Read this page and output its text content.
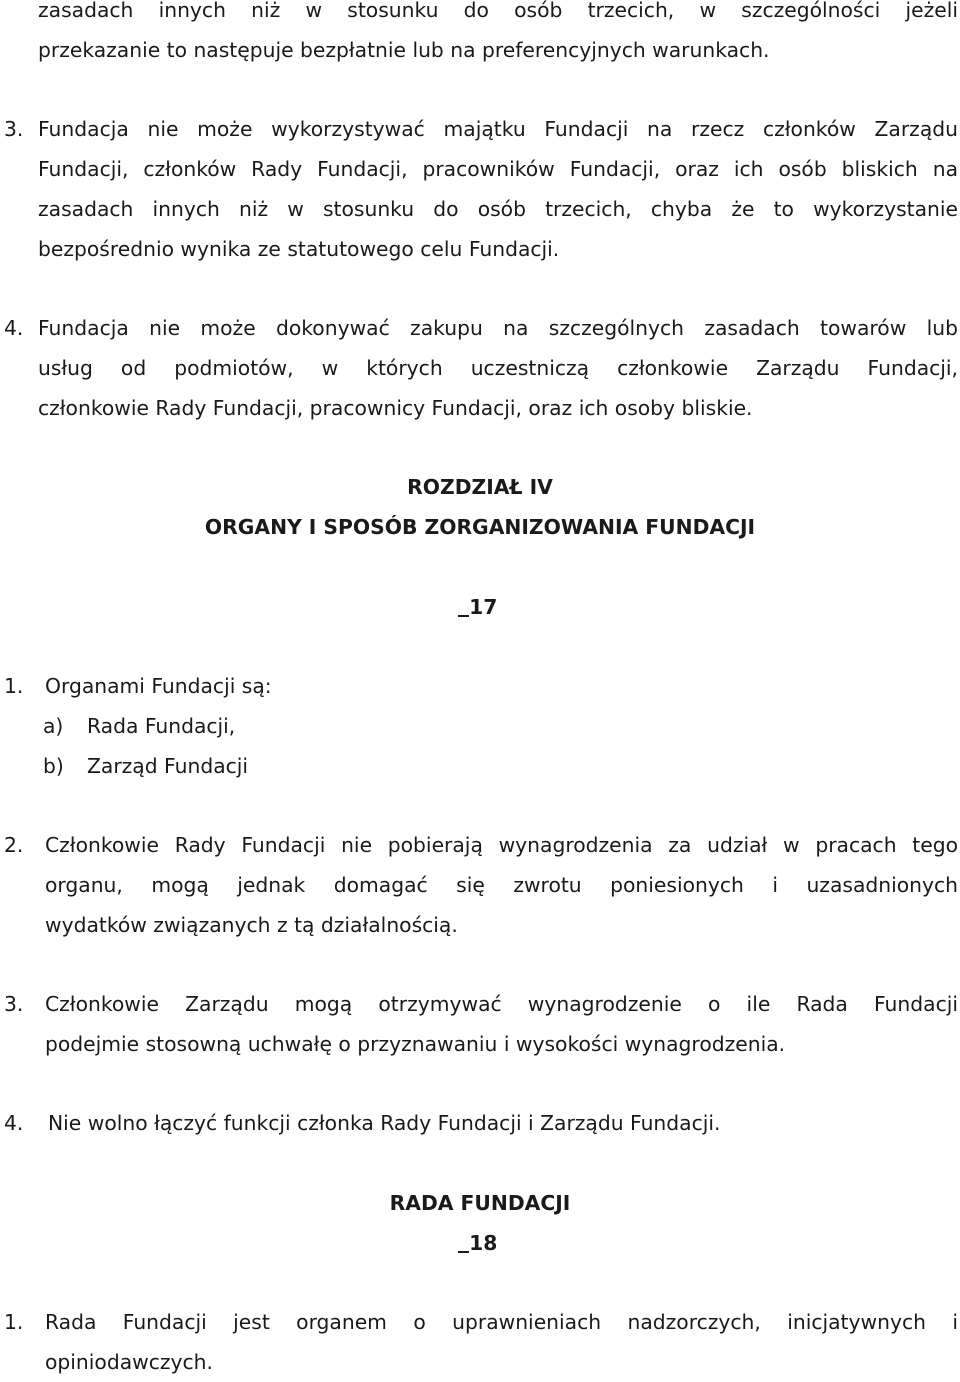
zasadach innych niż w stosunku do osób trzecich, w szczególności jeżeli
przekazanie to następuje bezpłatnie lub na preferencyjnych warunkach.
3. Fundacja nie może wykorzystywać majątku Fundacji na rzecz członków Zarządu
Fundacji, członków Rady Fundacji, pracowników Fundacji, oraz ich osób bliskich na
zasadach innych niż w stosunku do osób trzecich, chyba że to wykorzystanie
bezpośrednio wynika ze statutowego celu Fundacji.
4. Fundacja nie może dokonywać zakupu na szczególnych zasadach towarów lub
usług od podmiotów, w których uczestniczą członkowie Zarządu Fundacji,
członkowie Rady Fundacji, pracownicy Fundacji, oraz ich osoby bliskie.
ROZDZIAŁ IV
ORGANY I SPOSÓB ZORGANIZOWANIA FUNDACJI
17
1.	Organami Fundacji są:
a) Rada Fundacji,
b) Zarząd Fundacji
2.	Członkowie Rady Fundacji nie pobierają wynagrodzenia za udział w pracach tego
organu, mogą jednak domagać się zwrotu poniesionych i uzasadnionych
wydatków związanych z tą działalnością.
3.	Członkowie Zarządu mogą otrzymywać wynagrodzenie o ile Rada Fundacji
podejmie stosowną uchwałę o przyznawaniu i wysokości wynagrodzenia.
4.	Nie wolno łączyć funkcji członka Rady Fundacji i Zarządu Fundacji.
RADA FUNDACJI
18
1.	Rada Fundacji jest organem o uprawnieniach nadzorczych, inicjatywnych i
opiniodawczych.
